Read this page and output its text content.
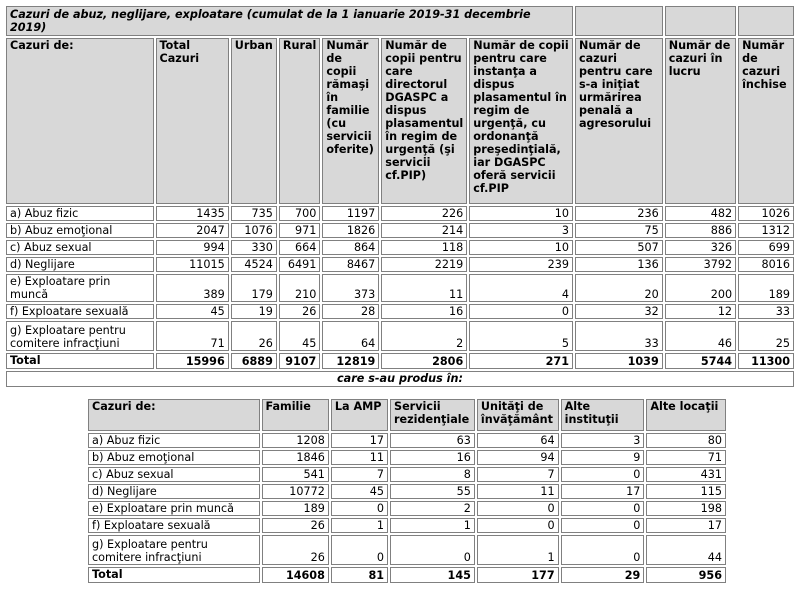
Cazuri de abuz, neglijare, exploatare (cumulat de la 1 ianuarie 2019-31 decembrie 2019)									
Cazuri de:	Total Cazuri	Urban	Rural	Număr de copii rămaşi în familie (cu servicii oferite)	Număr de copii pentru care directorul DGASPC a dispus plasamentul în regim de urgenţă (şi servicii cf.PIP)	Număr de copii pentru care instanţa a dispus plasamentul în regim de urgenţă, cu ordonanţă preşedinţială, iar DGASPC oferă servicii cf.PIP	Număr de cazuri pentru care s-a iniţiat urmărirea penală a agresorului	Număr de cazuri în lucru	Număr de cazuri închise
a) Abuz fizic	1435	735	700	1197	226	10	236	482	1026
b) Abuz emoţional	2047	1076	971	1826	214	3	75	886	1312
c) Abuz sexual	994	330	664	864	118	10	507	326	699
d) Neglijare	11015	4524	6491	8467	2219	239	136	3792	8016
e) Exploatare prin muncă	389	179	210	373	11	4	20	200	189
f) Exploatare sexuală	45	19	26	28	16	0	32	12	33
g) Exploatare pentru comitere infracţiuni	71	26	45	64	2	5	33	46	25
Total	15996	6889	9107	12819	2806	271	1039	5744	11300
care s-au produs în:									
Cazuri de:	Familie	La AMP	Servicii rezidenţiale	Unităţi de învăţământ	Alte instituţii	Alte locaţii
a) Abuz fizic	1208	17	63	64	3	80
b) Abuz emoţional	1846	11	16	94	9	71
c) Abuz sexual	541	7	8	7	0	431
d) Neglijare	10772	45	55	11	17	115
e) Exploatare prin muncă	189	0	2	0	0	198
f) Exploatare sexuală	26	1	1	0	0	17
g) Exploatare pentru comitere infracţiuni	26	0	0	1	0	44
Total	14608	81	145	177	29	956
